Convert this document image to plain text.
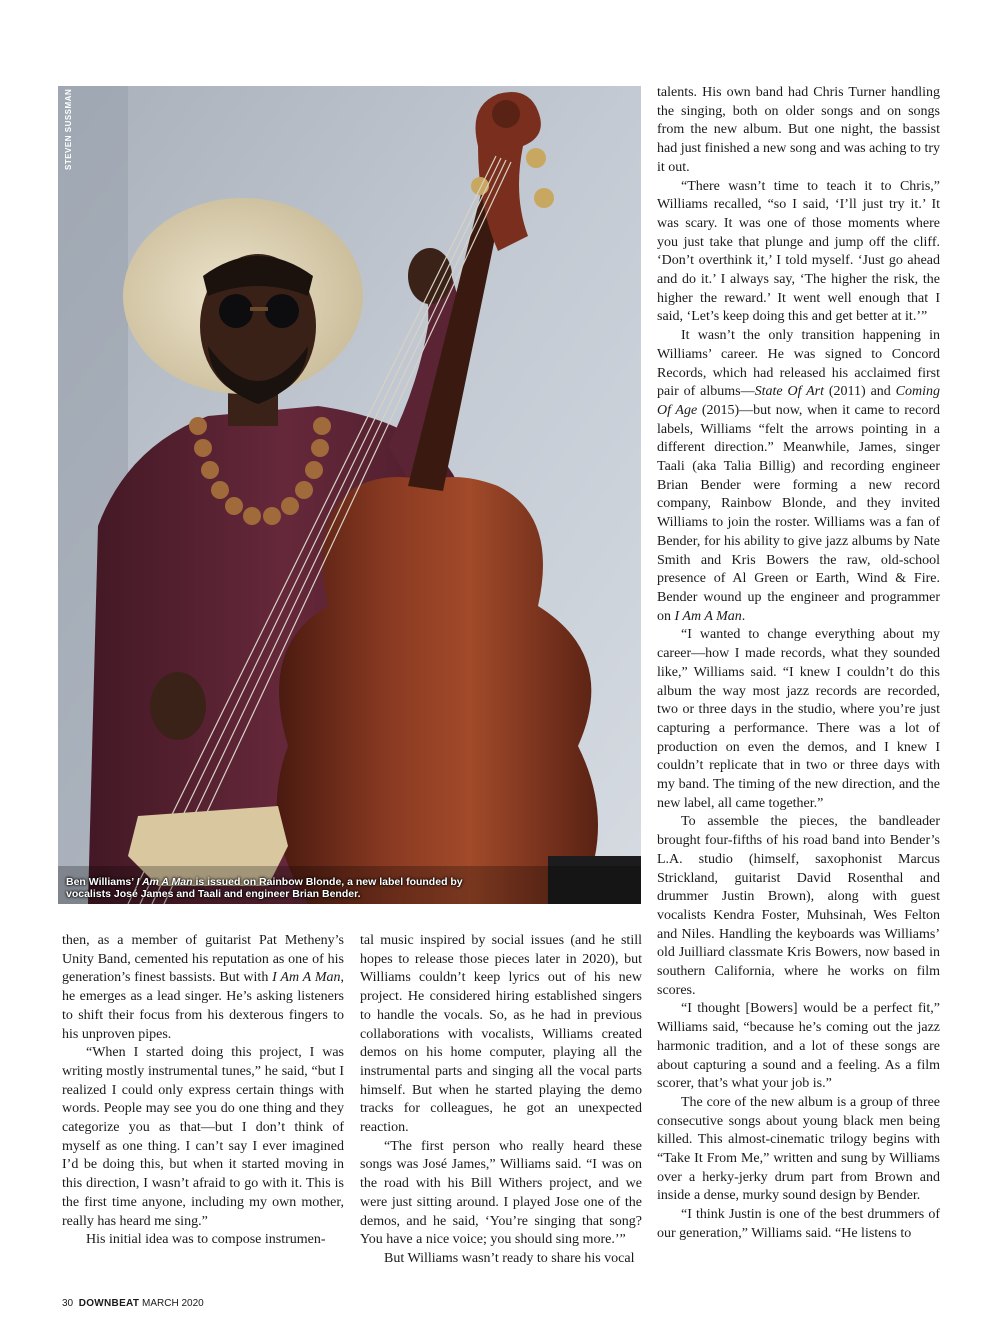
STEVEN SUSSMAN
Ben Williams’ I Am A Man is issued on Rainbow Blonde, a new label founded by vocalists José James and Taali and engineer Brian Bender.

talents. His own band had Chris Turner handling the singing, both on older songs and on songs from the new album. But one night, the bassist had just finished a new song and was aching to try it out.

“There wasn’t time to teach it to Chris,” Williams recalled, “so I said, ‘I’ll just try it.’ It was scary. It was one of those moments where you just take that plunge and jump off the cliff. ‘Don’t overthink it,’ I told myself. ‘Just go ahead and do it.’ I always say, ‘The higher the risk, the higher the reward.’ It went well enough that I said, ‘Let’s keep doing this and get better at it.’”

It wasn’t the only transition happening in Williams’ career. He was signed to Concord Records, which had released his acclaimed first pair of albums—State Of Art (2011) and Coming Of Age (2015)—but now, when it came to record labels, Williams “felt the arrows pointing in a different direction.” Meanwhile, James, singer Taali (aka Talia Billig) and recording engineer Brian Bender were forming a new record company, Rainbow Blonde, and they invited Williams to join the roster. Williams was a fan of Bender, for his ability to give jazz albums by Nate Smith and Kris Bowers the raw, old-school presence of Al Green or Earth, Wind & Fire. Bender wound up the engineer and programmer on I Am A Man.

“I wanted to change everything about my career—how I made records, what they sounded like,” Williams said. “I knew I couldn’t do this album the way most jazz records are recorded, two or three days in the studio, where you’re just capturing a performance. There was a lot of production on even the demos, and I knew I couldn’t replicate that in two or three days with my band. The timing of the new direction, and the new label, all came together.”

To assemble the pieces, the bandleader brought four-fifths of his road band into Bender’s L.A. studio (himself, saxophonist Marcus Strickland, guitarist David Rosenthal and drummer Justin Brown), along with guest vocalists Kendra Foster, Muhsinah, Wes Felton and Niles. Handling the keyboards was Williams’ old Juilliard classmate Kris Bowers, now based in southern California, where he works on film scores.

“I thought [Bowers] would be a perfect fit,” Williams said, “because he’s coming out the jazz harmonic tradition, and a lot of these songs are about capturing a sound and a feeling. As a film scorer, that’s what your job is.”

The core of the new album is a group of three consecutive songs about young black men being killed. This almost-cinematic trilogy begins with “Take It From Me,” written and sung by Williams over a herky-jerky drum part from Brown and inside a dense, murky sound design by Bender.

“I think Justin is one of the best drummers of our generation,” Williams said. “He listens to

then, as a member of guitarist Pat Metheny’s Unity Band, cemented his reputation as one of his generation’s finest bassists. But with I Am A Man, he emerges as a lead singer. He’s asking listeners to shift their focus from his dexterous fingers to his unproven pipes.

“When I started doing this project, I was writing mostly instrumental tunes,” he said, “but I realized I could only express certain things with words. People may see you do one thing and they categorize you as that—but I don’t think of myself as one thing. I can’t say I ever imagined I’d be doing this, but when it started moving in this direction, I wasn’t afraid to go with it. This is the first time anyone, including my own mother, really has heard me sing.”

His initial idea was to compose instrumen-

tal music inspired by social issues (and he still hopes to release those pieces later in 2020), but Williams couldn’t keep lyrics out of his new project. He considered hiring established singers to handle the vocals. So, as he had in previous collaborations with vocalists, Williams created demos on his home computer, playing all the instrumental parts and singing all the vocal parts himself. But when he started playing the demo tracks for colleagues, he got an unexpected reaction.

“The first person who really heard these songs was José James,” Williams said. “I was on the road with his Bill Withers project, and we were just sitting around. I played Jose one of the demos, and he said, ‘You’re singing that song? You have a nice voice; you should sing more.’”

But Williams wasn’t ready to share his vocal

30 DOWNBEAT MARCH 2020
